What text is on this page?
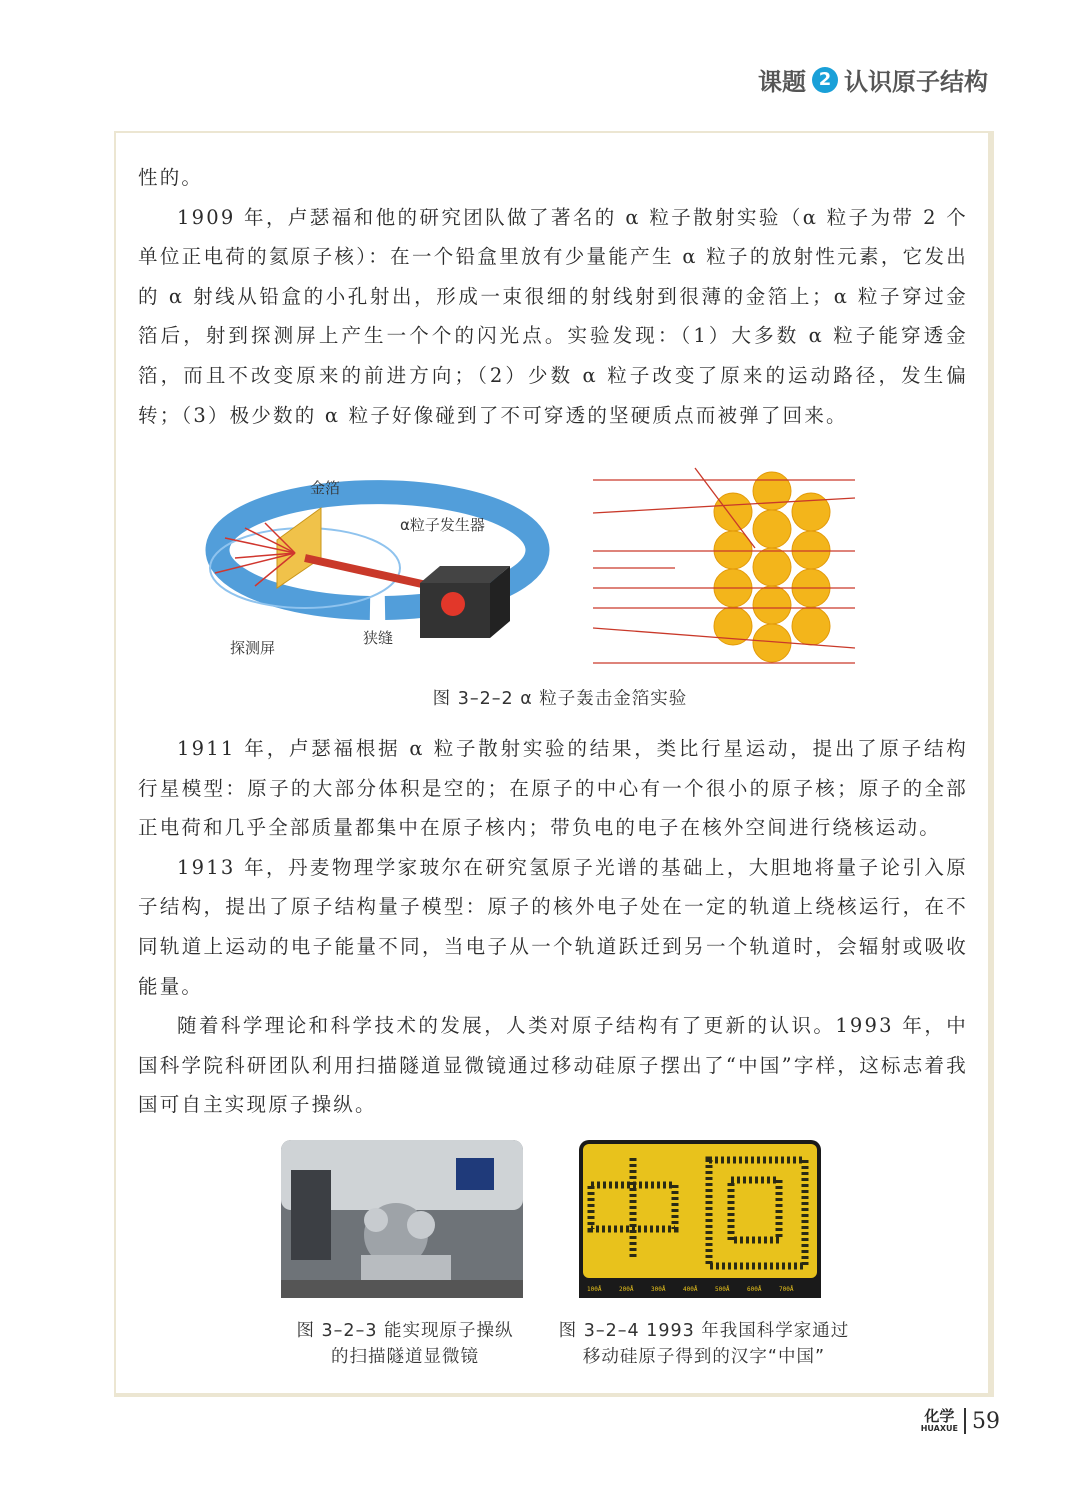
课题 2 认识原子结构

性的。

1909 年，卢瑟福和他的研究团队做了著名的 α 粒子散射实验（α 粒子为带 2 个单位正电荷的氦原子核）：在一个铅盒里放有少量能产生 α 粒子的放射性元素，它发出的 α 射线从铅盒的小孔射出，形成一束很细的射线射到很薄的金箔上；α 粒子穿过金箔后，射到探测屏上产生一个个的闪光点。实验发现：（1）大多数 α 粒子能穿透金箔，而且不改变原来的前进方向；（2）少数 α 粒子改变了原来的运动路径，发生偏转；（3）极少数的 α 粒子好像碰到了不可穿透的坚硬质点而被弹了回来。

金箔
α粒子发生器
探测屏
狭缝
图 3–2–2 α 粒子轰击金箔实验

1911 年，卢瑟福根据 α 粒子散射实验的结果，类比行星运动，提出了原子结构行星模型：原子的大部分体积是空的；在原子的中心有一个很小的原子核；原子的全部正电荷和几乎全部质量都集中在原子核内；带负电的电子在核外空间进行绕核运动。

1913 年，丹麦物理学家玻尔在研究氢原子光谱的基础上，大胆地将量子论引入原子结构，提出了原子结构量子模型：原子的核外电子处在一定的轨道上绕核运行，在不同轨道上运动的电子能量不同，当电子从一个轨道跃迁到另一个轨道时，会辐射或吸收能量。

随着科学理论和科学技术的发展，人类对原子结构有了更新的认识。1993 年，中国科学院科研团队利用扫描隧道显微镜通过移动硅原子摆出了“中国”字样，这标志着我国可自主实现原子操纵。

100Å	200Å	300Å	400Å	500Å	600Å	700Å
图 3–2–3 能实现原子操纵
的扫描隧道显微镜
图 3–2–4 1993 年我国科学家通过
移动硅原子得到的汉字“中国”
化学
HUAXUE 59
